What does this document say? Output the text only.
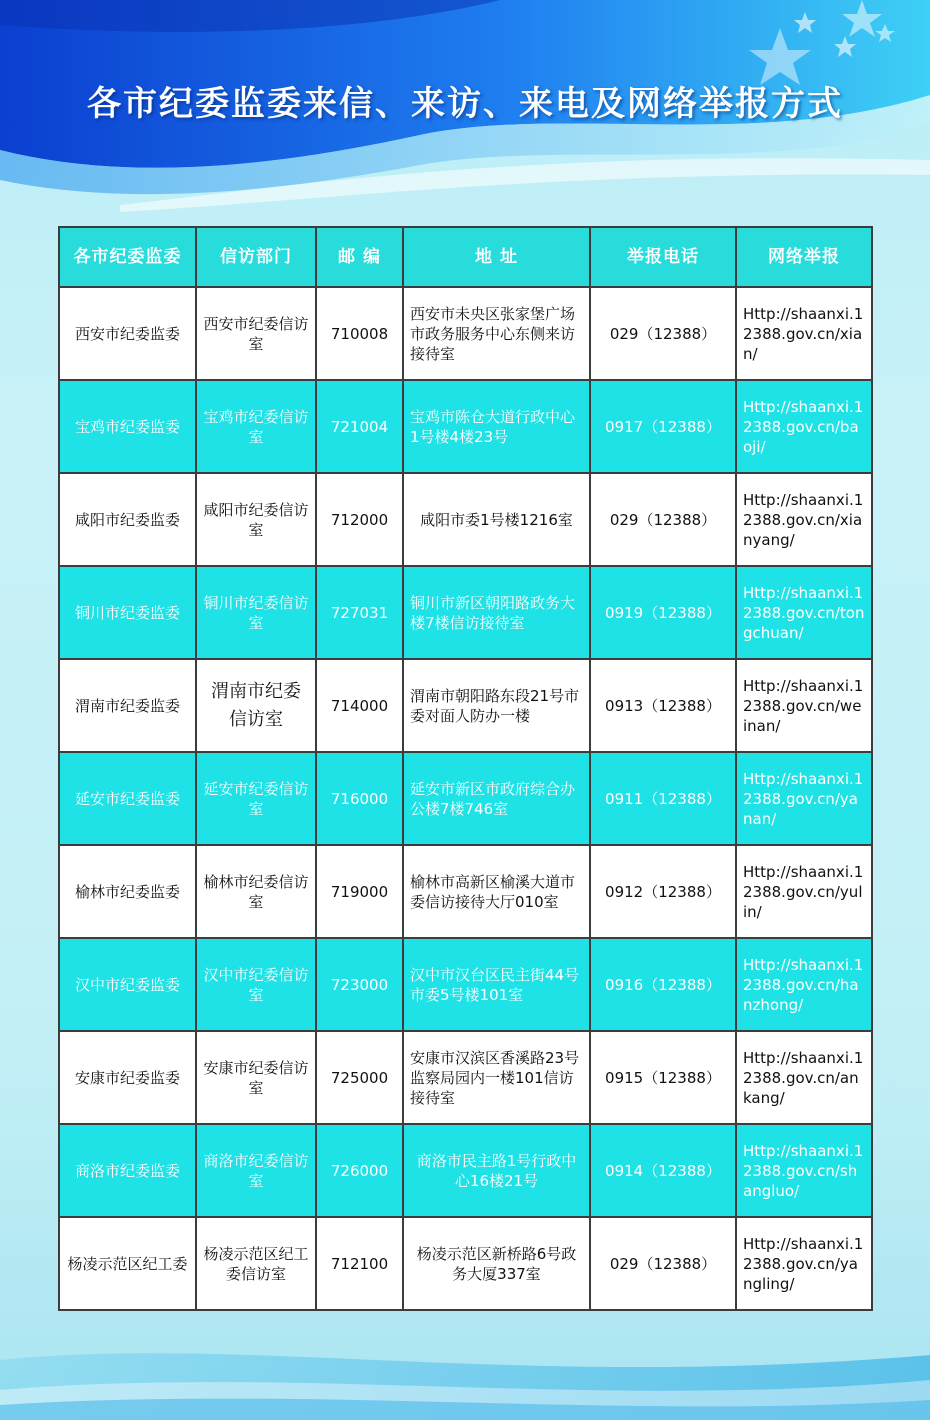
各市纪委监委来信、来访、来电及网络举报方式
各市纪委监委	信访部门	邮 编	地 址	举报电话	网络举报
西安市纪委监委	西安市纪委信访室	710008	西安市未央区张家堡广场市政务服务中心东侧来访接待室	029（12388）	Http://shaanxi.12388.gov.cn/xian/
宝鸡市纪委监委	宝鸡市纪委信访室	721004	宝鸡市陈仓大道行政中心1号楼4楼23号	0917（12388）	Http://shaanxi.12388.gov.cn/baoji/
咸阳市纪委监委	咸阳市纪委信访室	712000	咸阳市委1号楼1216室	029（12388）	Http://shaanxi.12388.gov.cn/xianyang/
铜川市纪委监委	铜川市纪委信访室	727031	铜川市新区朝阳路政务大楼7楼信访接待室	0919（12388）	Http://shaanxi.12388.gov.cn/tongchuan/
渭南市纪委监委	渭南市纪委信访室	714000	渭南市朝阳路东段21号市委对面人防办一楼	0913（12388）	Http://shaanxi.12388.gov.cn/weinan/
延安市纪委监委	延安市纪委信访室	716000	延安市新区市政府综合办公楼7楼746室	0911（12388）	Http://shaanxi.12388.gov.cn/yanan/
榆林市纪委监委	榆林市纪委信访室	719000	榆林市高新区榆溪大道市委信访接待大厅010室	0912（12388）	Http://shaanxi.12388.gov.cn/yulin/
汉中市纪委监委	汉中市纪委信访室	723000	汉中市汉台区民主街44号市委5号楼101室	0916（12388）	Http://shaanxi.12388.gov.cn/hanzhong/
安康市纪委监委	安康市纪委信访室	725000	安康市汉滨区香溪路23号监察局园内一楼101信访接待室	0915（12388）	Http://shaanxi.12388.gov.cn/ankang/
商洛市纪委监委	商洛市纪委信访室	726000	商洛市民主路1号行政中心16楼21号	0914（12388）	Http://shaanxi.12388.gov.cn/shangluo/
杨凌示范区纪工委	杨凌示范区纪工委信访室	712100	杨凌示范区新桥路6号政务大厦337室	029（12388）	Http://shaanxi.12388.gov.cn/yangling/
